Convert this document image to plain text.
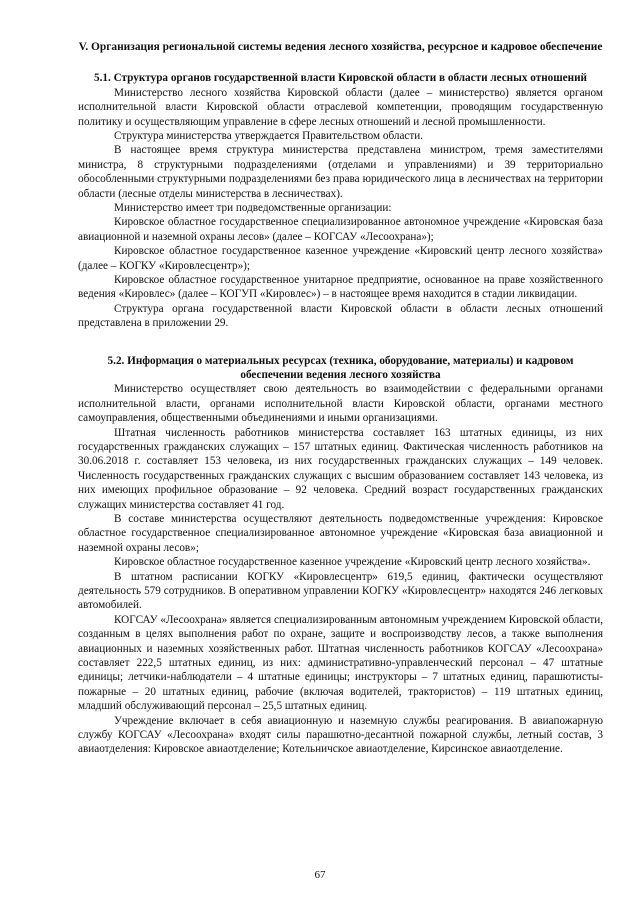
V. Организация региональной системы ведения лесного хозяйства, ресурсное и кадровое обеспечение
5.1. Структура органов государственной власти Кировской области в области лесных отношений

Министерство лесного хозяйства Кировской области (далее – министерство) является органом исполнительной власти Кировской области отраслевой компетенции, проводящим государственную политику и осуществляющим управление в сфере лесных отношений и лесной промышленности.

Структура министерства утверждается Правительством области.

В настоящее время структура министерства представлена министром, тремя заместителями министра, 8 структурными подразделениями (отделами и управлениями) и 39 территориально обособленными структурными подразделениями без права юридического лица в лесничествах на территории области (лесные отделы министерства в лесничествах).

Министерство имеет три подведомственные организации:

Кировское областное государственное специализированное автономное учреждение «Кировская база авиационной и наземной охраны лесов» (далее – КОГСАУ «Лесоохрана»);

Кировское областное государственное казенное учреждение «Кировский центр лесного хозяйства» (далее – КОГКУ «Кировлесцентр»);

Кировское областное государственное унитарное предприятие, основанное на праве хозяйственного ведения «Кировлес» (далее – КОГУП «Кировлес») – в настоящее время находится в стадии ликвидации.

Структура органа государственной власти Кировской области в области лесных отношений представлена в приложении 29.

5.2. Информация о материальных ресурсах (техника, оборудование, материалы) и кадровом обеспечении ведения лесного хозяйства

Министерство осуществляет свою деятельность во взаимодействии с федеральными органами исполнительной власти, органами исполнительной власти Кировской области, органами местного самоуправления, общественными объединениями и иными организациями.

Штатная численность работников министерства составляет 163 штатных единицы, из них государственных гражданских служащих – 157 штатных единиц. Фактическая численность работников на 30.06.2018 г. составляет 153 человека, из них государственных гражданских служащих – 149 человек. Численность государственных гражданских служащих с высшим образованием составляет 143 человека, из них имеющих профильное образование – 92 человека. Средний возраст государственных гражданских служащих министерства составляет 41 год.

В составе министерства осуществляют деятельность подведомственные учреждения: Кировское областное государственное специализированное автономное учреждение «Кировская база авиационной и наземной охраны лесов»;

Кировское областное государственное казенное учреждение «Кировский центр лесного хозяйства».

В штатном расписании КОГКУ «Кировлесцентр» 619,5 единиц, фактически осуществляют деятельность 579 сотрудников. В оперативном управлении КОГКУ «Кировлесцентр» находятся 246 легковых автомобилей.

КОГСАУ «Лесоохрана» является специализированным автономным учреждением Кировской области, созданным в целях выполнения работ по охране, защите и воспроизводству лесов, а также выполнения авиационных и наземных хозяйственных работ. Штатная численность работников КОГСАУ «Лесоохрана» составляет 222,5 штатных единиц, из них: административно-управленческий персонал – 47 штатные единицы; летчики-наблюдатели – 4 штатные единицы; инструкторы – 7 штатных единиц, парашютисты-пожарные – 20 штатных единиц, рабочие (включая водителей, трактористов) – 119 штатных единиц, младший обслуживающий персонал – 25,5 штатных единиц.

Учреждение включает в себя авиационную и наземную службы реагирования. В авиапожарную службу КОГСАУ «Лесоохрана» входят силы парашютно-десантной пожарной службы, летный состав, 3 авиаотделения: Кировское авиаотделение; Котельничское авиаотделение, Кирсинское авиаотделение.

67
